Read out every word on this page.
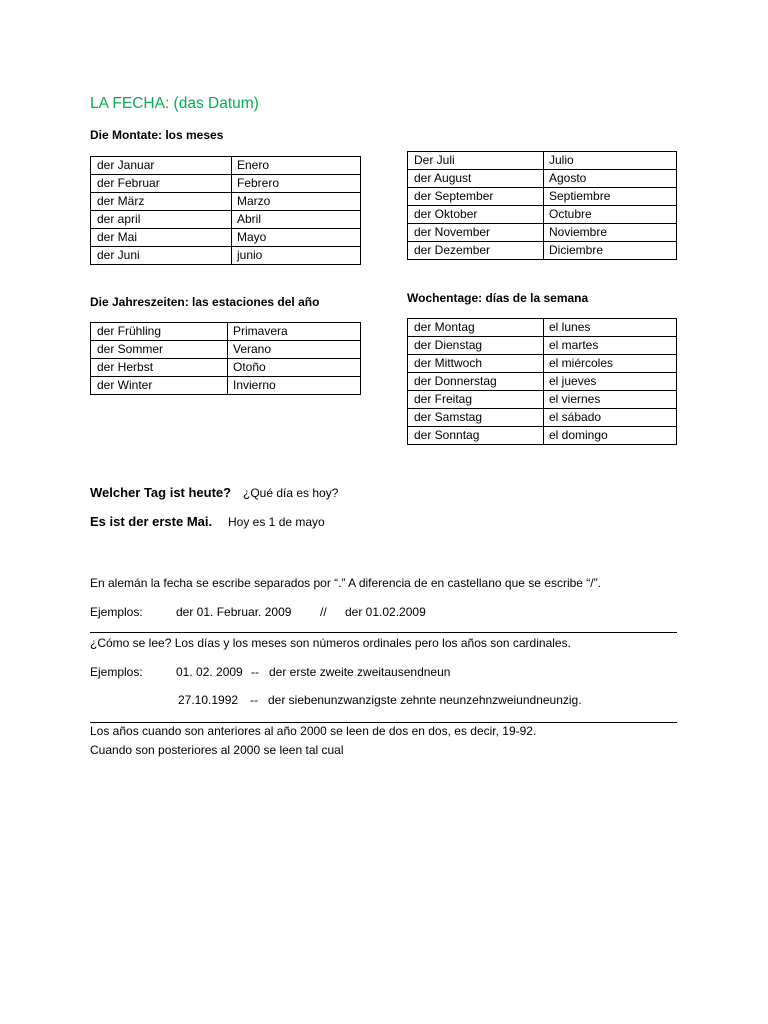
LA FECHA: (das Datum)
Die Montate: los meses
der Januar	Enero
der Februar	Febrero
der März	Marzo
der april	Abril
der Mai	Mayo
der Juni	junio
Der Juli	Julio
der August	Agosto
der September	Septiembre
der Oktober	Octubre
der November	Noviembre
der Dezember	Diciembre
Die Jahreszeiten: las estaciones del año
der Frühling	Primavera
der Sommer	Verano
der Herbst	Otoño
der Winter	Invierno
Wochentage: días de la semana
der Montag	el lunes
der Dienstag	el martes
der Mittwoch	el miércoles
der Donnerstag	el jueves
der Freitag	el viernes
der Samstag	el sábado
der Sonntag	el domingo
Welcher Tag ist heute? ¿Qué día es hoy?
Es ist der erste Mai. Hoy es 1 de mayo
En alemán la fecha se escribe separados por “.” A diferencia de en castellano que se escribe “/”.
Ejemplos:	der 01. Februar. 2009 // der 01.02.2009
¿Cómo se lee? Los días y los meses son números ordinales pero los años son cardinales.
Ejemplos:	01. 02. 2009 -- der erste zweite zweitausendneun
27.10.1992 -- der siebenunzwanzigste zehnte neunzehnzweiundneunzig.
Los años cuando son anteriores al año 2000 se leen de dos en dos, es decir, 19-92.
Cuando son posteriores al 2000 se leen tal cual
